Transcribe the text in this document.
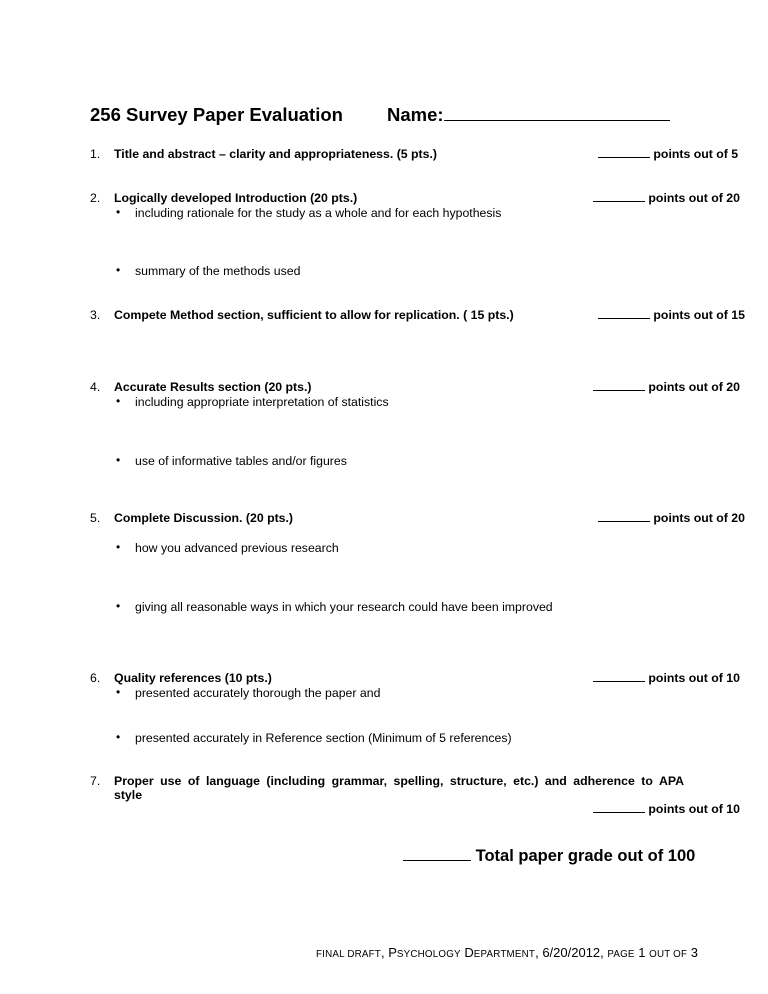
256 Survey Paper Evaluation Name:
1. Title and abstract – clarity and appropriateness. (5 pts.)	points out of 5
2. Logically developed Introduction (20 pts.)	points out of 20
• including rationale for the study as a whole and for each hypothesis
• summary of the methods used
3. Compete Method section, sufficient to allow for replication. ( 15 pts.)	points out of 15
4. Accurate Results section (20 pts.)	points out of 20
• including appropriate interpretation of statistics
• use of informative tables and/or figures
5. Complete Discussion. (20 pts.)	points out of 20
• how you advanced previous research
• giving all reasonable ways in which your research could have been improved
6. Quality references (10 pts.)	points out of 10
• presented accurately thorough the paper and
• presented accurately in Reference section (Minimum of 5 references)
7. Proper use of language (including grammar, spelling, structure, etc.) and adherence to APA
style
points out of 10
Total paper grade out of 100
FINAL DRAFT, PSYCHOLOGY DEPARTMENT, 6/20/2012, PAGE 1 OUT OF 3
